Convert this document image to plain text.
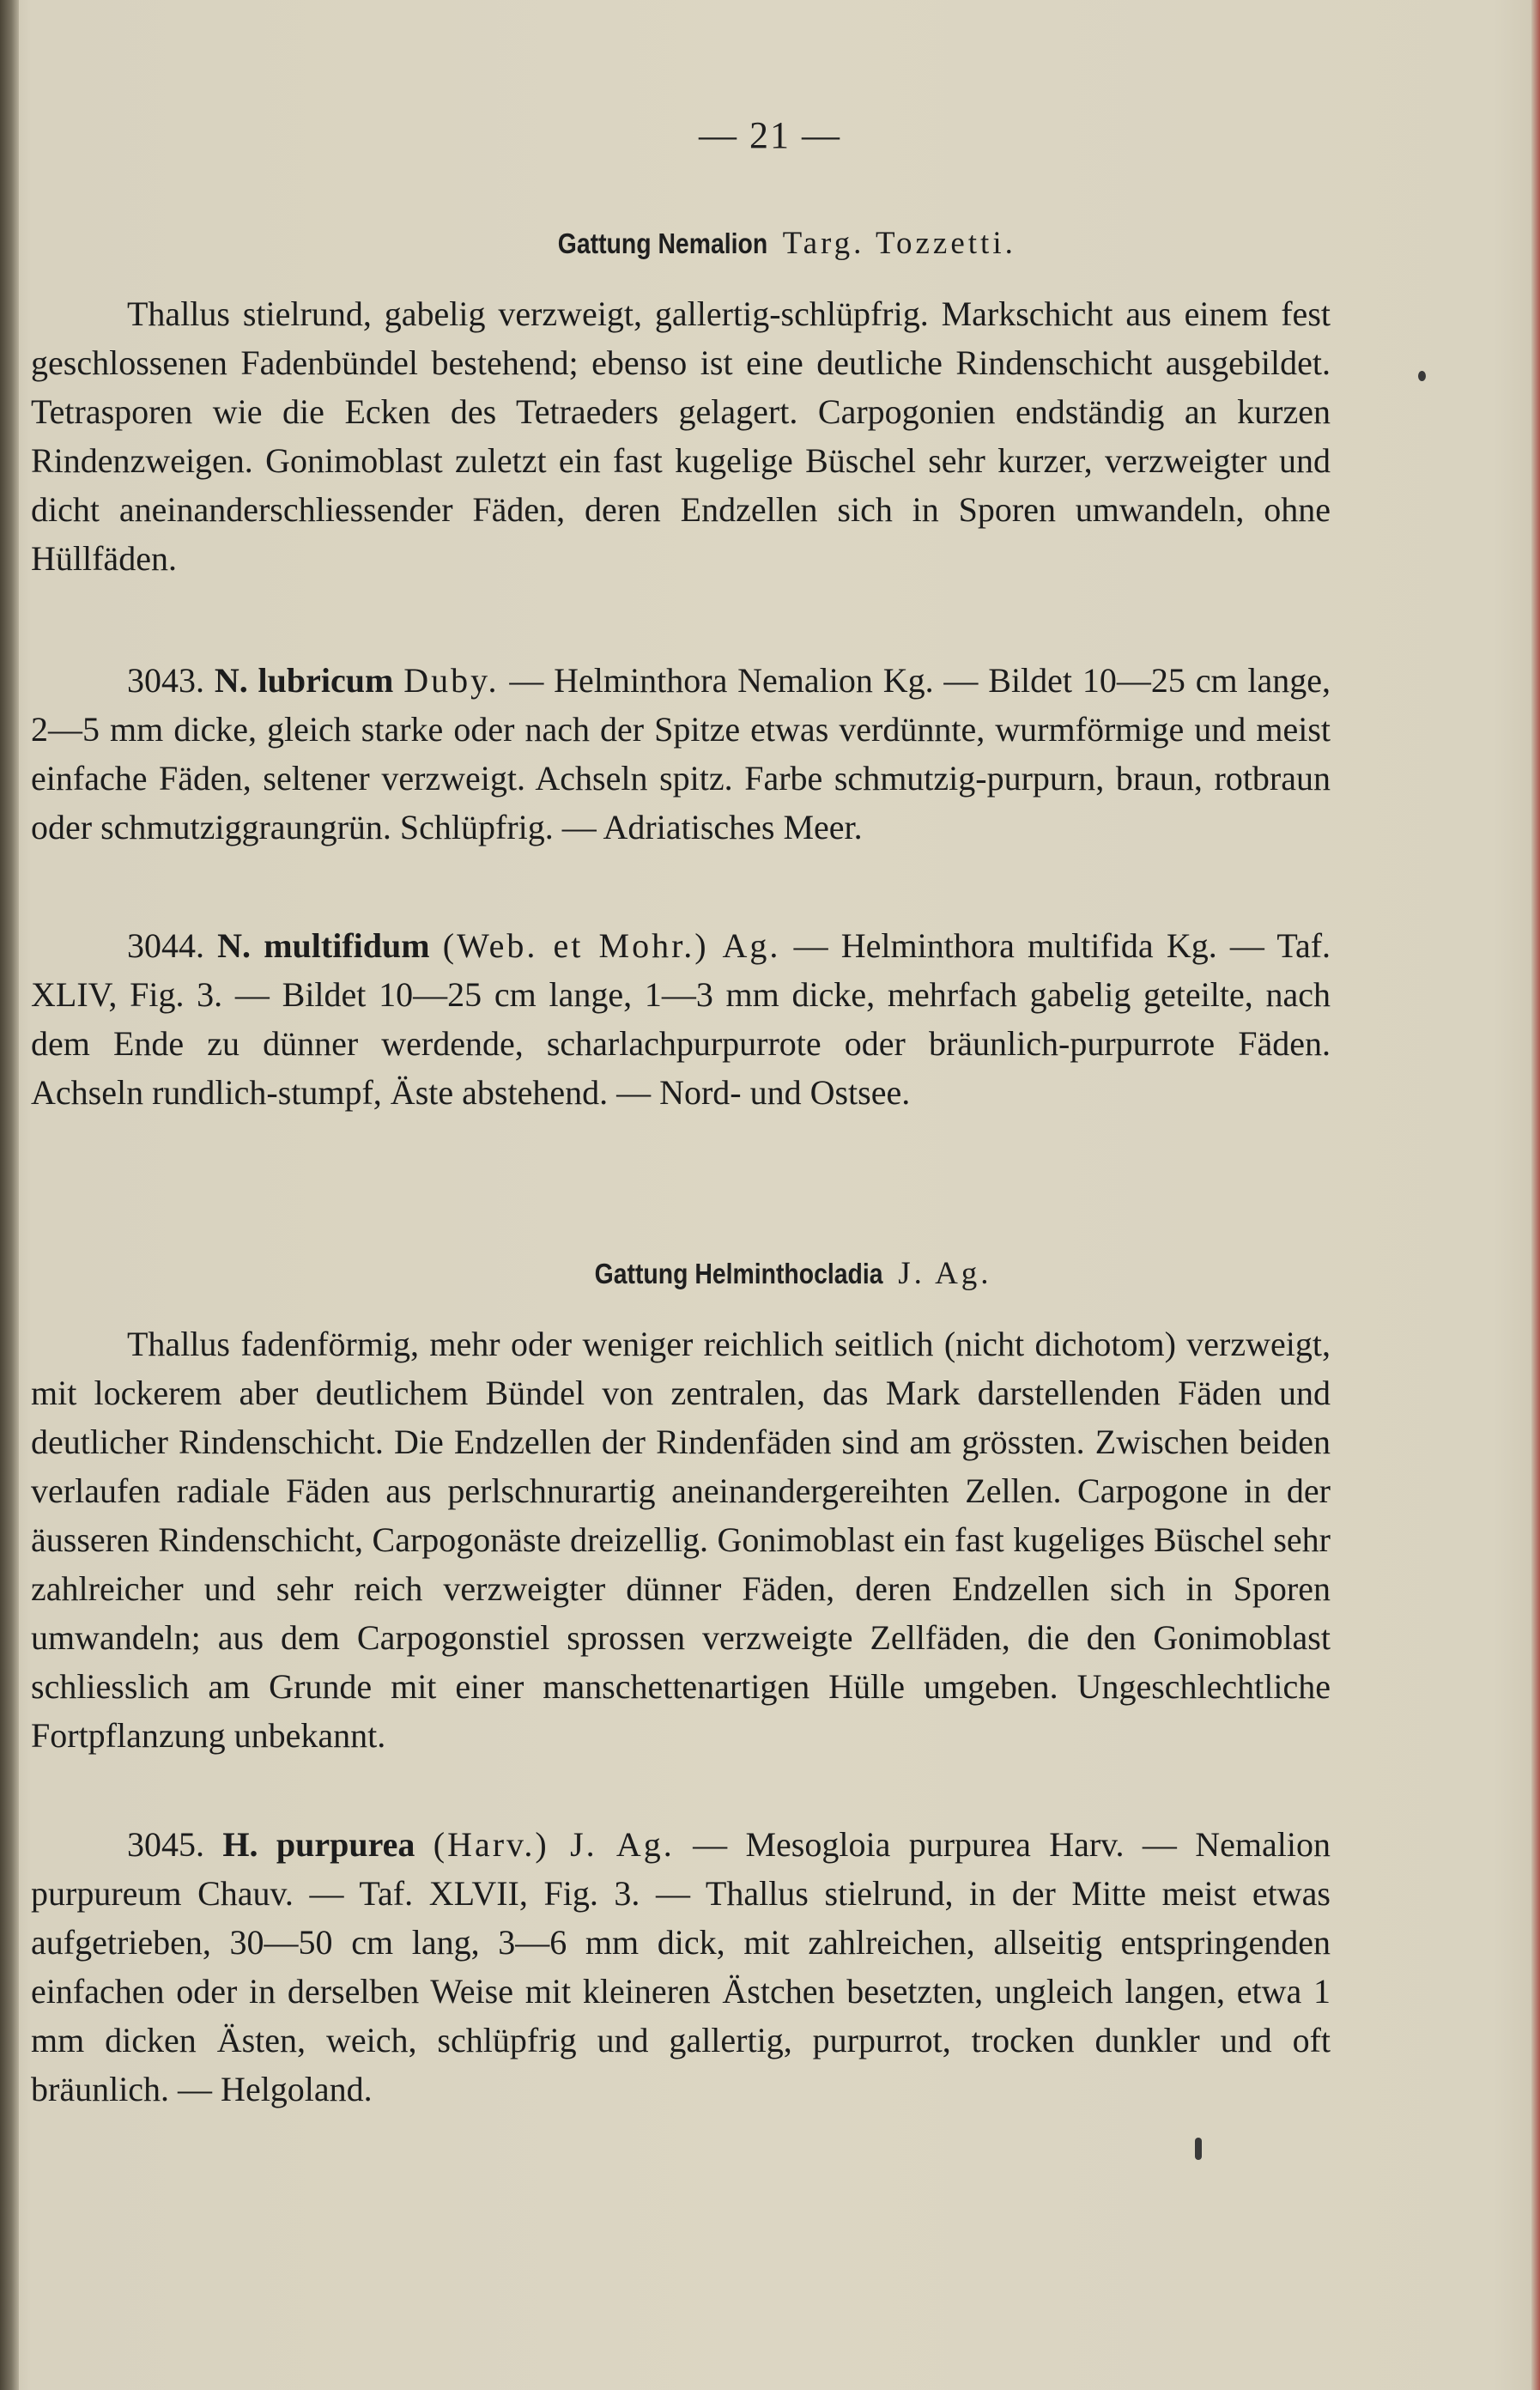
— 21 —
Gattung Nemalion Targ. Tozzetti.

Thallus stielrund, gabelig verzweigt, gallertig-schlüpfrig. Markschicht aus einem fest geschlossenen Fadenbündel bestehend; ebenso ist eine deutliche Rindenschicht ausgebildet. Tetrasporen wie die Ecken des Tetraeders gelagert. Carpogonien endständig an kurzen Rindenzweigen. Gonimoblast zuletzt ein fast kugelige Büschel sehr kurzer, verzweigter und dicht aneinanderschliessender Fäden, deren Endzellen sich in Sporen umwandeln, ohne Hüllfäden.

3043. N. lubricum Duby. — Helminthora Nemalion Kg. — Bildet 10—25 cm lange, 2—5 mm dicke, gleich starke oder nach der Spitze etwas verdünnte, wurmförmige und meist einfache Fäden, seltener verzweigt. Achseln spitz. Farbe schmutzig-purpurn, braun, rotbraun oder schmutziggraungrün. Schlüpfrig. — Adriatisches Meer.

3044. N. multifidum (Web. et Mohr.) Ag. — Helminthora multifida Kg. — Taf. XLIV, Fig. 3. — Bildet 10—25 cm lange, 1—3 mm dicke, mehrfach gabelig geteilte, nach dem Ende zu dünner werdende, scharlachpurpurrote oder bräunlich-purpurrote Fäden. Achseln rundlich-stumpf, Äste abstehend. — Nord- und Ostsee.

Gattung Helminthocladia J. Ag.

Thallus fadenförmig, mehr oder weniger reichlich seitlich (nicht dichotom) verzweigt, mit lockerem aber deutlichem Bündel von zentralen, das Mark darstellenden Fäden und deutlicher Rindenschicht. Die Endzellen der Rindenfäden sind am grössten. Zwischen beiden verlaufen radiale Fäden aus perlschnurartig aneinandergereihten Zellen. Carpogone in der äusseren Rindenschicht, Carpogonäste dreizellig. Gonimoblast ein fast kugeliges Büschel sehr zahlreicher und sehr reich verzweigter dünner Fäden, deren Endzellen sich in Sporen umwandeln; aus dem Carpogonstiel sprossen verzweigte Zellfäden, die den Gonimoblast schliesslich am Grunde mit einer manschettenartigen Hülle umgeben. Ungeschlechtliche Fortpflanzung unbekannt.

3045. H. purpurea (Harv.) J. Ag. — Mesogloia purpurea Harv. — Nemalion purpureum Chauv. — Taf. XLVII, Fig. 3. — Thallus stielrund, in der Mitte meist etwas aufgetrieben, 30—50 cm lang, 3—6 mm dick, mit zahlreichen, allseitig entspringenden einfachen oder in derselben Weise mit kleineren Ästchen besetzten, ungleich langen, etwa 1 mm dicken Ästen, weich, schlüpfrig und gallertig, purpurrot, trocken dunkler und oft bräunlich. — Helgoland.
